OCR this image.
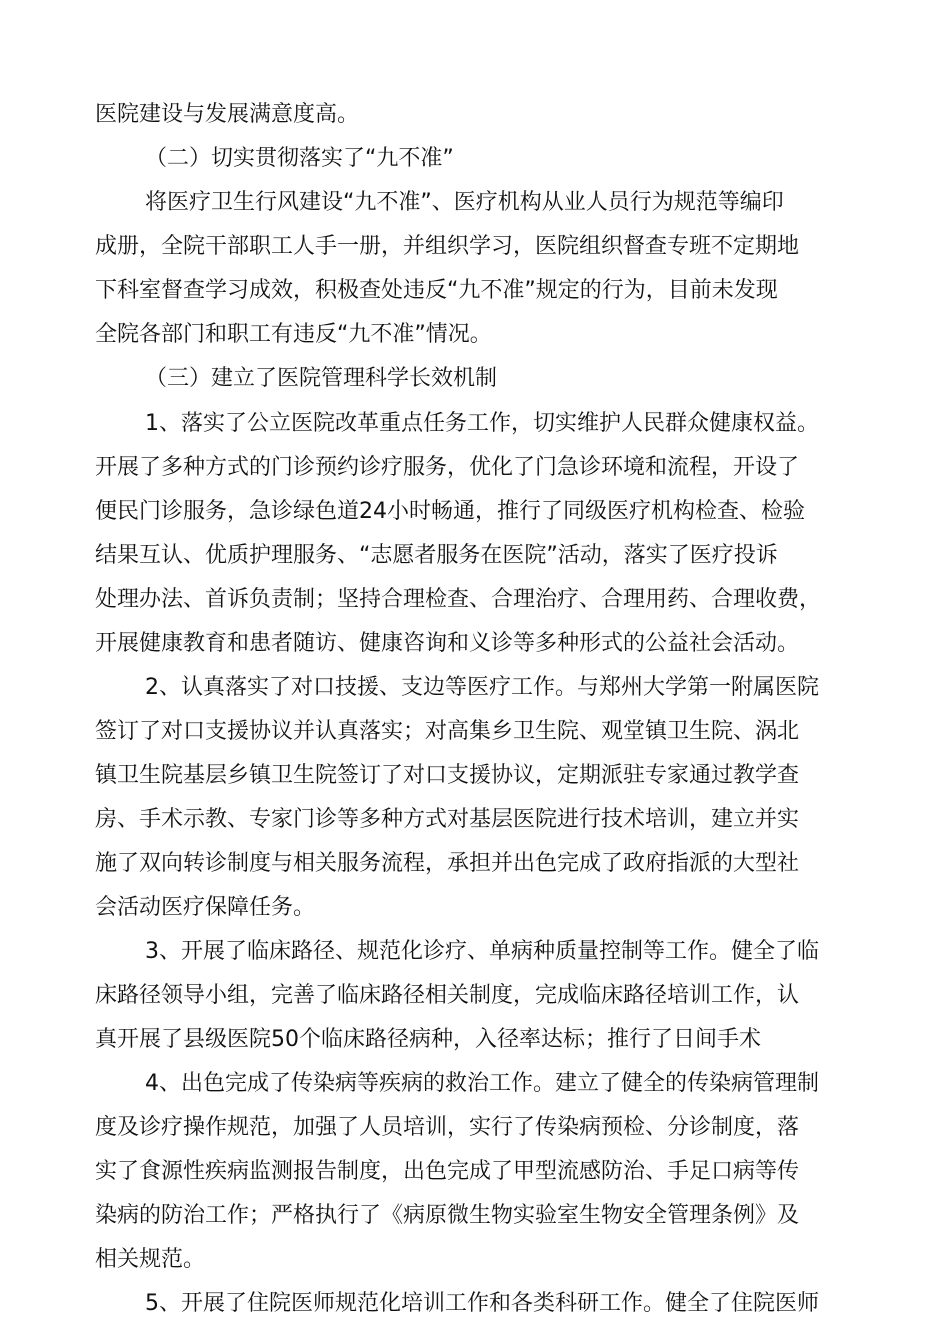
医院建设与发展满意度高。
（二）切实贯彻落实了“九不准”
将医疗卫生行风建设“九不准”、医疗机构从业人员行为规范等编印
成册，全院干部职工人手一册，并组织学习，医院组织督查专班不定期地
下科室督查学习成效，积极查处违反“九不准”规定的行为，目前未发现
全院各部门和职工有违反“九不准”情况。
（三）建立了医院管理科学长效机制
1、落实了公立医院改革重点任务工作，切实维护人民群众健康权益。
开展了多种方式的门诊预约诊疗服务，优化了门急诊环境和流程，开设了
便民门诊服务，急诊绿色道24小时畅通，推行了同级医疗机构检查、检验
结果互认、优质护理服务、“志愿者服务在医院”活动，落实了医疗投诉
处理办法、首诉负责制；坚持合理检查、合理治疗、合理用药、合理收费，
开展健康教育和患者随访、健康咨询和义诊等多种形式的公益社会活动。
2、认真落实了对口技援、支边等医疗工作。与郑州大学第一附属医院
签订了对口支援协议并认真落实；对高集乡卫生院、观堂镇卫生院、涡北
镇卫生院基层乡镇卫生院签订了对口支援协议，定期派驻专家通过教学查
房、手术示教、专家门诊等多种方式对基层医院进行技术培训，建立并实
施了双向转诊制度与相关服务流程，承担并出色完成了政府指派的大型社
会活动医疗保障任务。
3、开展了临床路径、规范化诊疗、单病种质量控制等工作。健全了临
床路径领导小组，完善了临床路径相关制度，完成临床路径培训工作，认
真开展了县级医院50个临床路径病种，入径率达标；推行了日间手术
4、出色完成了传染病等疾病的救治工作。建立了健全的传染病管理制
度及诊疗操作规范，加强了人员培训，实行了传染病预检、分诊制度，落
实了食源性疾病监测报告制度，出色完成了甲型流感防治、手足口病等传
染病的防治工作；严格执行了《病原微生物实验室生物安全管理条例》及
相关规范。
5、开展了住院医师规范化培训工作和各类科研工作。健全了住院医师
